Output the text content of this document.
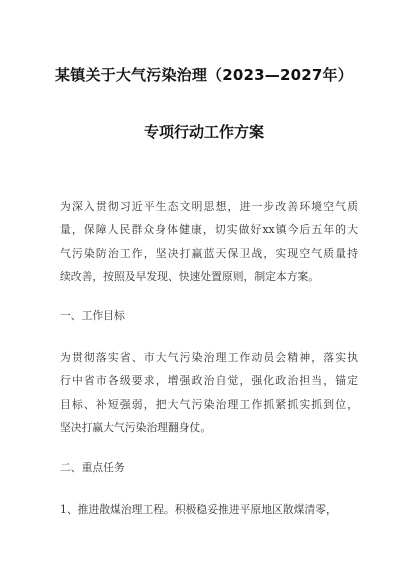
某镇关于大气污染治理（2023—2027年）
专项行动工作方案
为深入贯彻习近平生态文明思想，进一步改善环境空气质
量，保障人民群众身体健康，切实做好xx镇今后五年的大
气污染防治工作，坚决打赢蓝天保卫战，实现空气质量持
续改善，按照及早发现、快速处置原则，制定本方案。
一、工作目标
为贯彻落实省、市大气污染治理工作动员会精神，落实执
行中省市各级要求，增强政治自觉，强化政治担当，锚定
目标、补短强弱，把大气污染治理工作抓紧抓实抓到位，
坚决打赢大气污染治理翻身仗。
二、重点任务
1、推进散煤治理工程。积极稳妥推进平原地区散煤清零，
